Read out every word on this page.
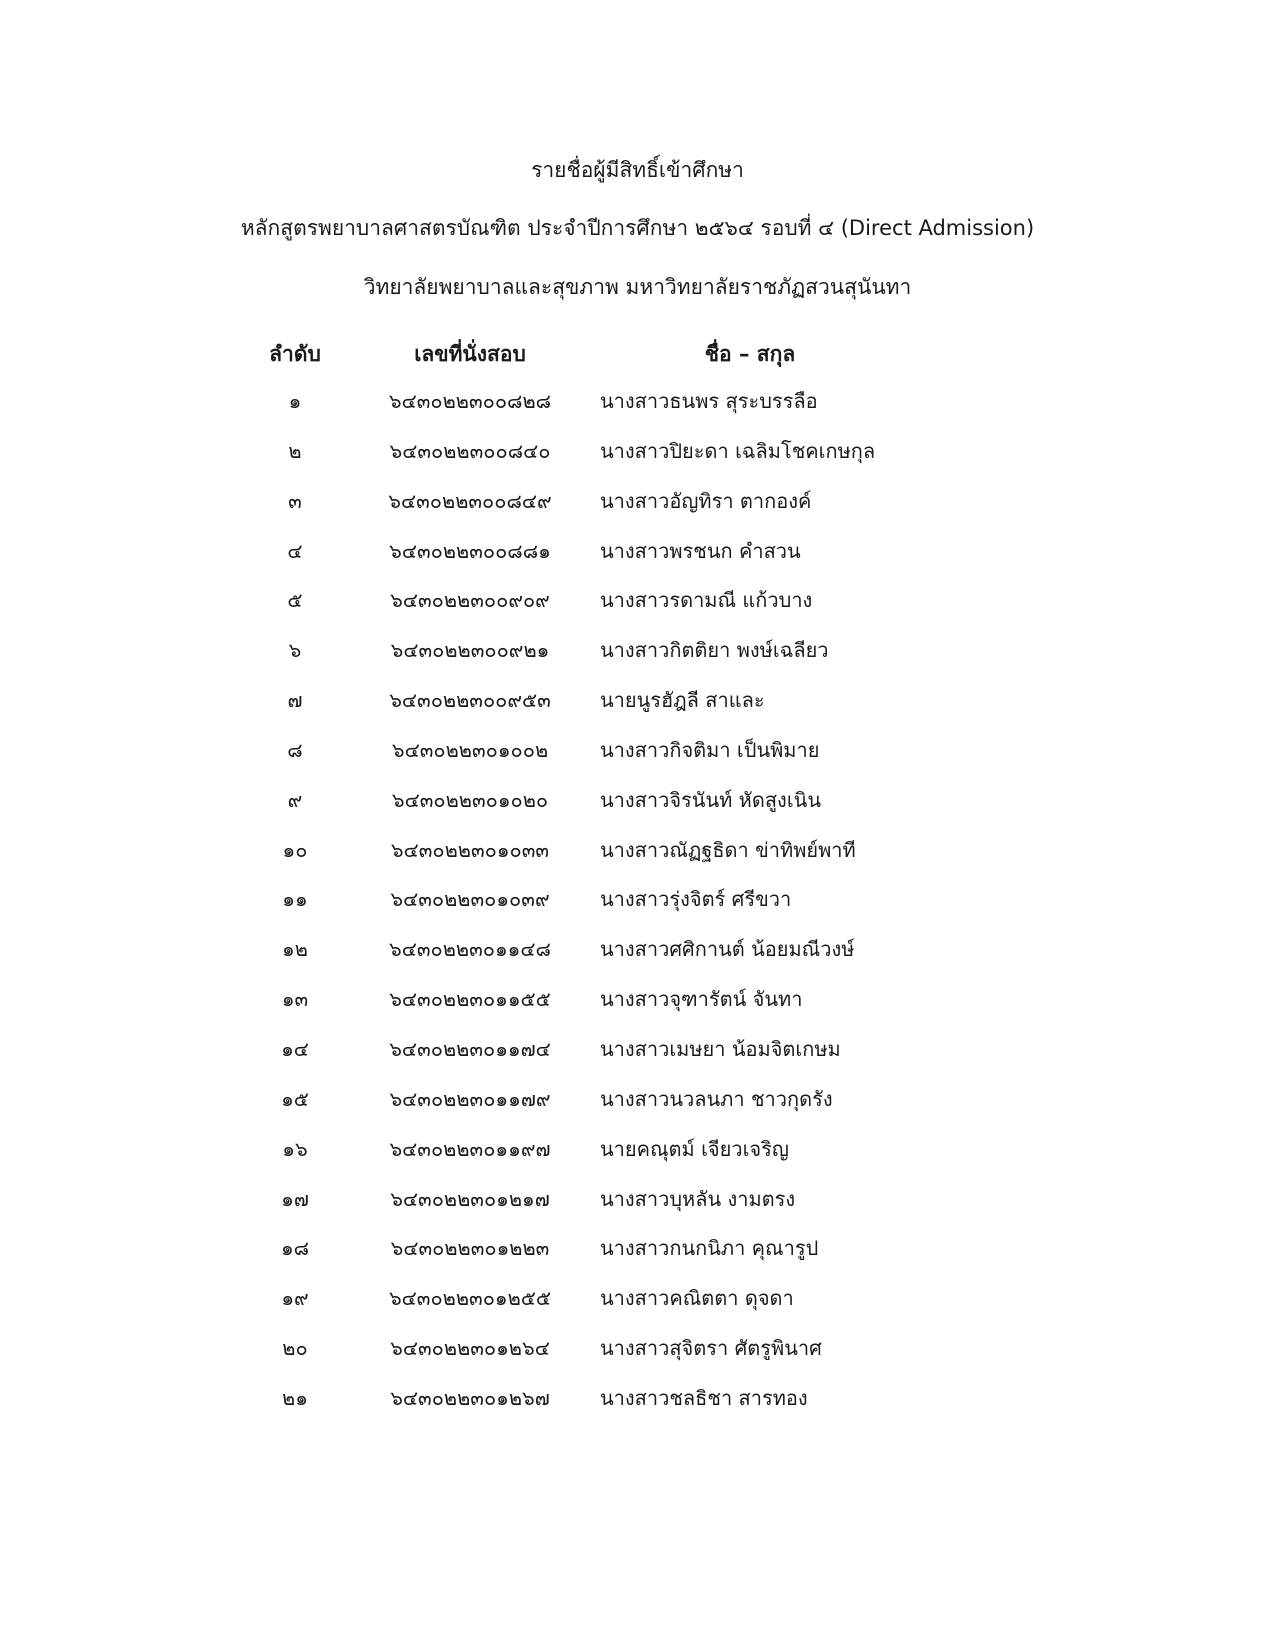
รายชื่อผู้มีสิทธิ์เข้าศึกษา
หลักสูตรพยาบาลศาสตรบัณฑิต ประจำปีการศึกษา ๒๕๖๔ รอบที่ ๔ (Direct Admission)
วิทยาลัยพยาบาลและสุขภาพ มหาวิทยาลัยราชภัฏสวนสุนันทา
ลำดับ	เลขที่นั่งสอบ	ชื่อ – สกุล
๑	๖๔๓๐๒๒๓๐๐๘๒๘	นางสาวธนพร สุระบรรลือ
๒	๖๔๓๐๒๒๓๐๐๘๔๐	นางสาวปิยะดา เฉลิมโชคเกษกุล
๓	๖๔๓๐๒๒๓๐๐๘๔๙	นางสาวอัญทิรา ตากองค์
๔	๖๔๓๐๒๒๓๐๐๘๘๑	นางสาวพรชนก คำสวน
๕	๖๔๓๐๒๒๓๐๐๙๐๙	นางสาวรดามณี แก้วบาง
๖	๖๔๓๐๒๒๓๐๐๙๒๑	นางสาวกิตติยา พงษ์เฉลียว
๗	๖๔๓๐๒๒๓๐๐๙๕๓	นายนูรฮัฎลี สาและ
๘	๖๔๓๐๒๒๓๐๑๐๐๒	นางสาวกิจติมา เป็นพิมาย
๙	๖๔๓๐๒๒๓๐๑๐๒๐	นางสาวจิรนันท์ หัดสูงเนิน
๑๐	๖๔๓๐๒๒๓๐๑๐๓๓	นางสาวณัฏฐธิดา ข่าทิพย์พาที
๑๑	๖๔๓๐๒๒๓๐๑๐๓๙	นางสาวรุ่งจิตร์ ศรีขวา
๑๒	๖๔๓๐๒๒๓๐๑๑๔๘	นางสาวศศิกานต์ น้อยมณีวงษ์
๑๓	๖๔๓๐๒๒๓๐๑๑๕๕	นางสาวจุฑารัตน์ จันทา
๑๔	๖๔๓๐๒๒๓๐๑๑๗๔	นางสาวเมษยา น้อมจิตเกษม
๑๕	๖๔๓๐๒๒๓๐๑๑๗๙	นางสาวนวลนภา ชาวกุดรัง
๑๖	๖๔๓๐๒๒๓๐๑๑๙๗	นายคณุตม์ เจียวเจริญ
๑๗	๖๔๓๐๒๒๓๐๑๒๑๗	นางสาวบุหลัน งามตรง
๑๘	๖๔๓๐๒๒๓๐๑๒๒๓	นางสาวกนกนิภา คุณารูป
๑๙	๖๔๓๐๒๒๓๐๑๒๕๕	นางสาวคณิตตา ดุจดา
๒๐	๖๔๓๐๒๒๓๐๑๒๖๔	นางสาวสุจิตรา ศัตรูพินาศ
๒๑	๖๔๓๐๒๒๓๐๑๒๖๗	นางสาวชลธิชา สารทอง
